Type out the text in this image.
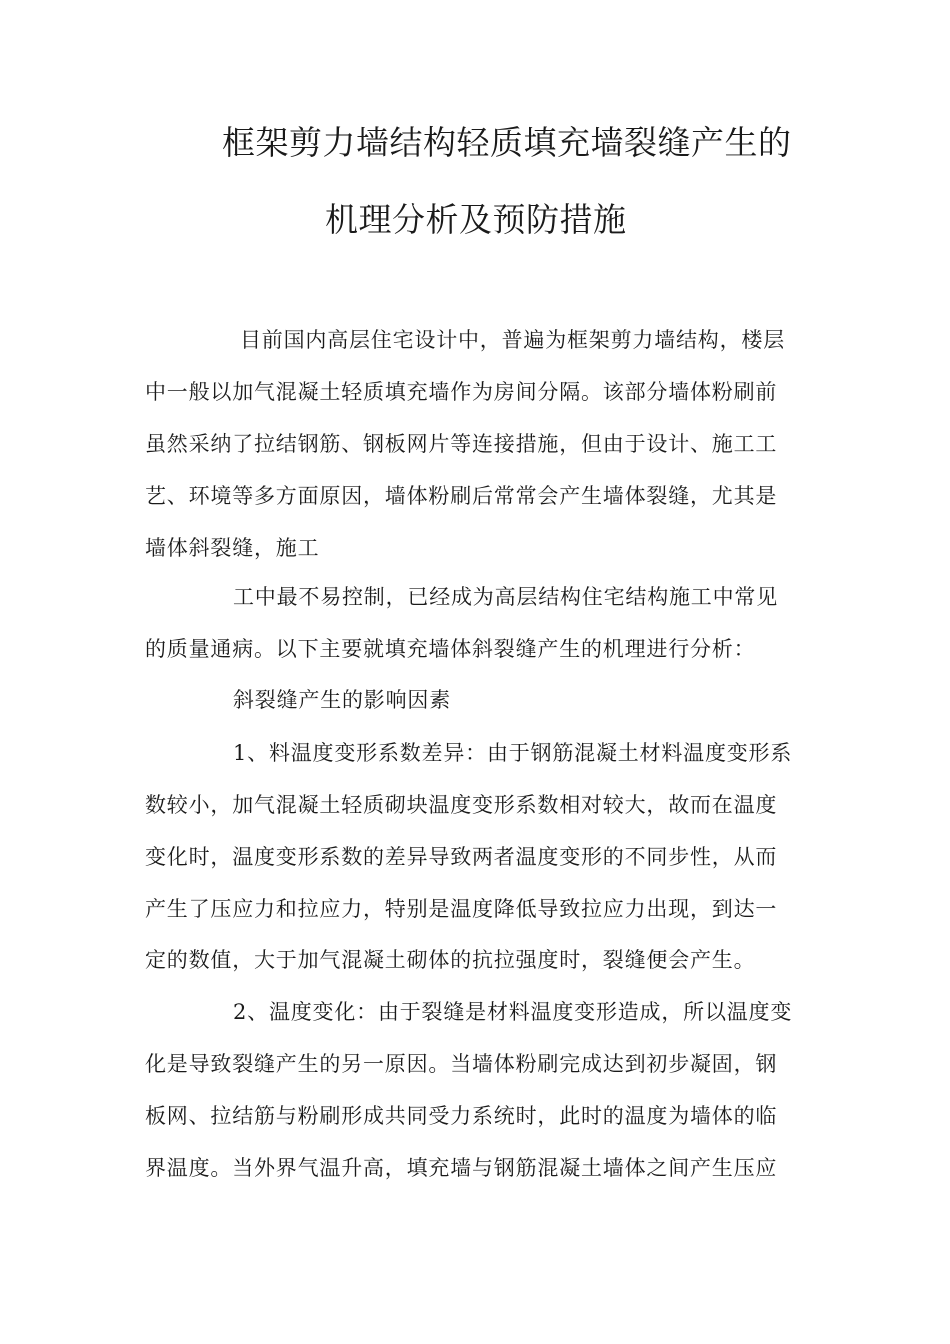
框架剪力墙结构轻质填充墙裂缝产生的
机理分析及预防措施
目前国内高层住宅设计中，普遍为框架剪力墙结构，楼层
中一般以加气混凝土轻质填充墙作为房间分隔。该部分墙体粉刷前
虽然采纳了拉结钢筋、钢板网片等连接措施，但由于设计、施工工
艺、环境等多方面原因，墙体粉刷后常常会产生墙体裂缝，尤其是
墙体斜裂缝，施工
工中最不易控制，已经成为高层结构住宅结构施工中常见
的质量通病。以下主要就填充墙体斜裂缝产生的机理进行分析：
斜裂缝产生的影响因素
1、料温度变形系数差异：由于钢筋混凝土材料温度变形系
数较小，加气混凝土轻质砌块温度变形系数相对较大，故而在温度
变化时，温度变形系数的差异导致两者温度变形的不同步性，从而
产生了压应力和拉应力，特别是温度降低导致拉应力出现，到达一
定的数值，大于加气混凝土砌体的抗拉强度时，裂缝便会产生。
2、温度变化：由于裂缝是材料温度变形造成，所以温度变
化是导致裂缝产生的另一原因。当墙体粉刷完成达到初步凝固，钢
板网、拉结筋与粉刷形成共同受力系统时，此时的温度为墙体的临
界温度。当外界气温升高，填充墙与钢筋混凝土墙体之间产生压应
